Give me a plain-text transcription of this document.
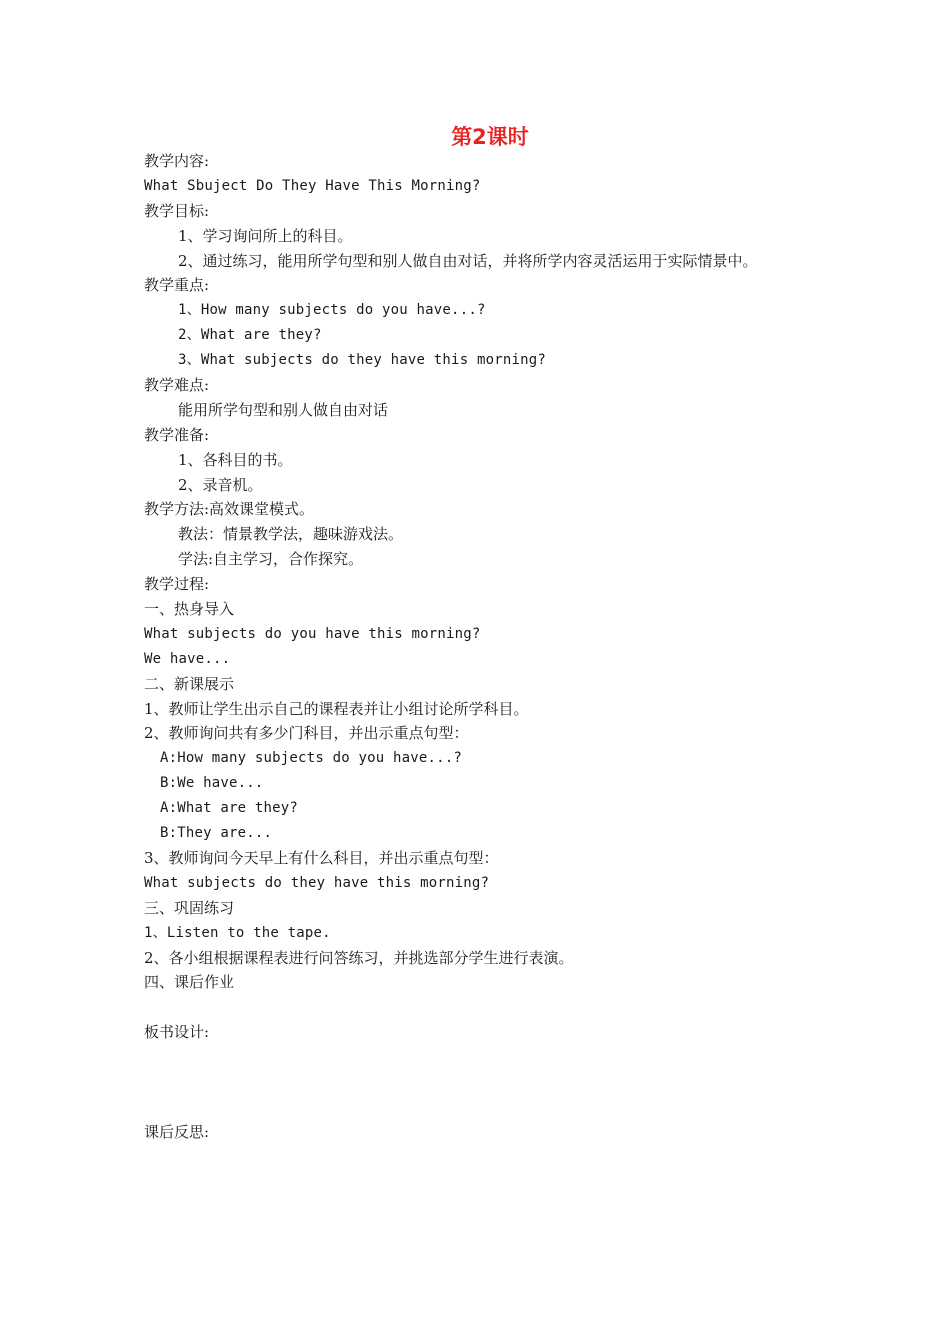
第2课时
教学内容:
What Sbuject Do They Have This Morning?
教学目标:
1、学习询问所上的科目。
2、通过练习，能用所学句型和别人做自由对话，并将所学内容灵活运用于实际情景中。
教学重点:
1、How many subjects do you have...?
2、What are they?
3、What subjects do they have this morning?
教学难点:
能用所学句型和别人做自由对话
教学准备:
1、各科目的书。
2、录音机。
教学方法:高效课堂模式。
教法：情景教学法，趣味游戏法。
学法:自主学习，合作探究。
教学过程:
一、热身导入
What subjects do you have this morning?
We have...
二、新课展示
1、教师让学生出示自己的课程表并让小组讨论所学科目。
2、教师询问共有多少门科目，并出示重点句型：
A:How many subjects do you have...?
B:We have...
A:What are they?
B:They are...
3、教师询问今天早上有什么科目，并出示重点句型：
What subjects do they have this morning?
三、巩固练习
1、Listen to the tape.
2、各小组根据课程表进行问答练习，并挑选部分学生进行表演。
四、课后作业
板书设计:
课后反思:
